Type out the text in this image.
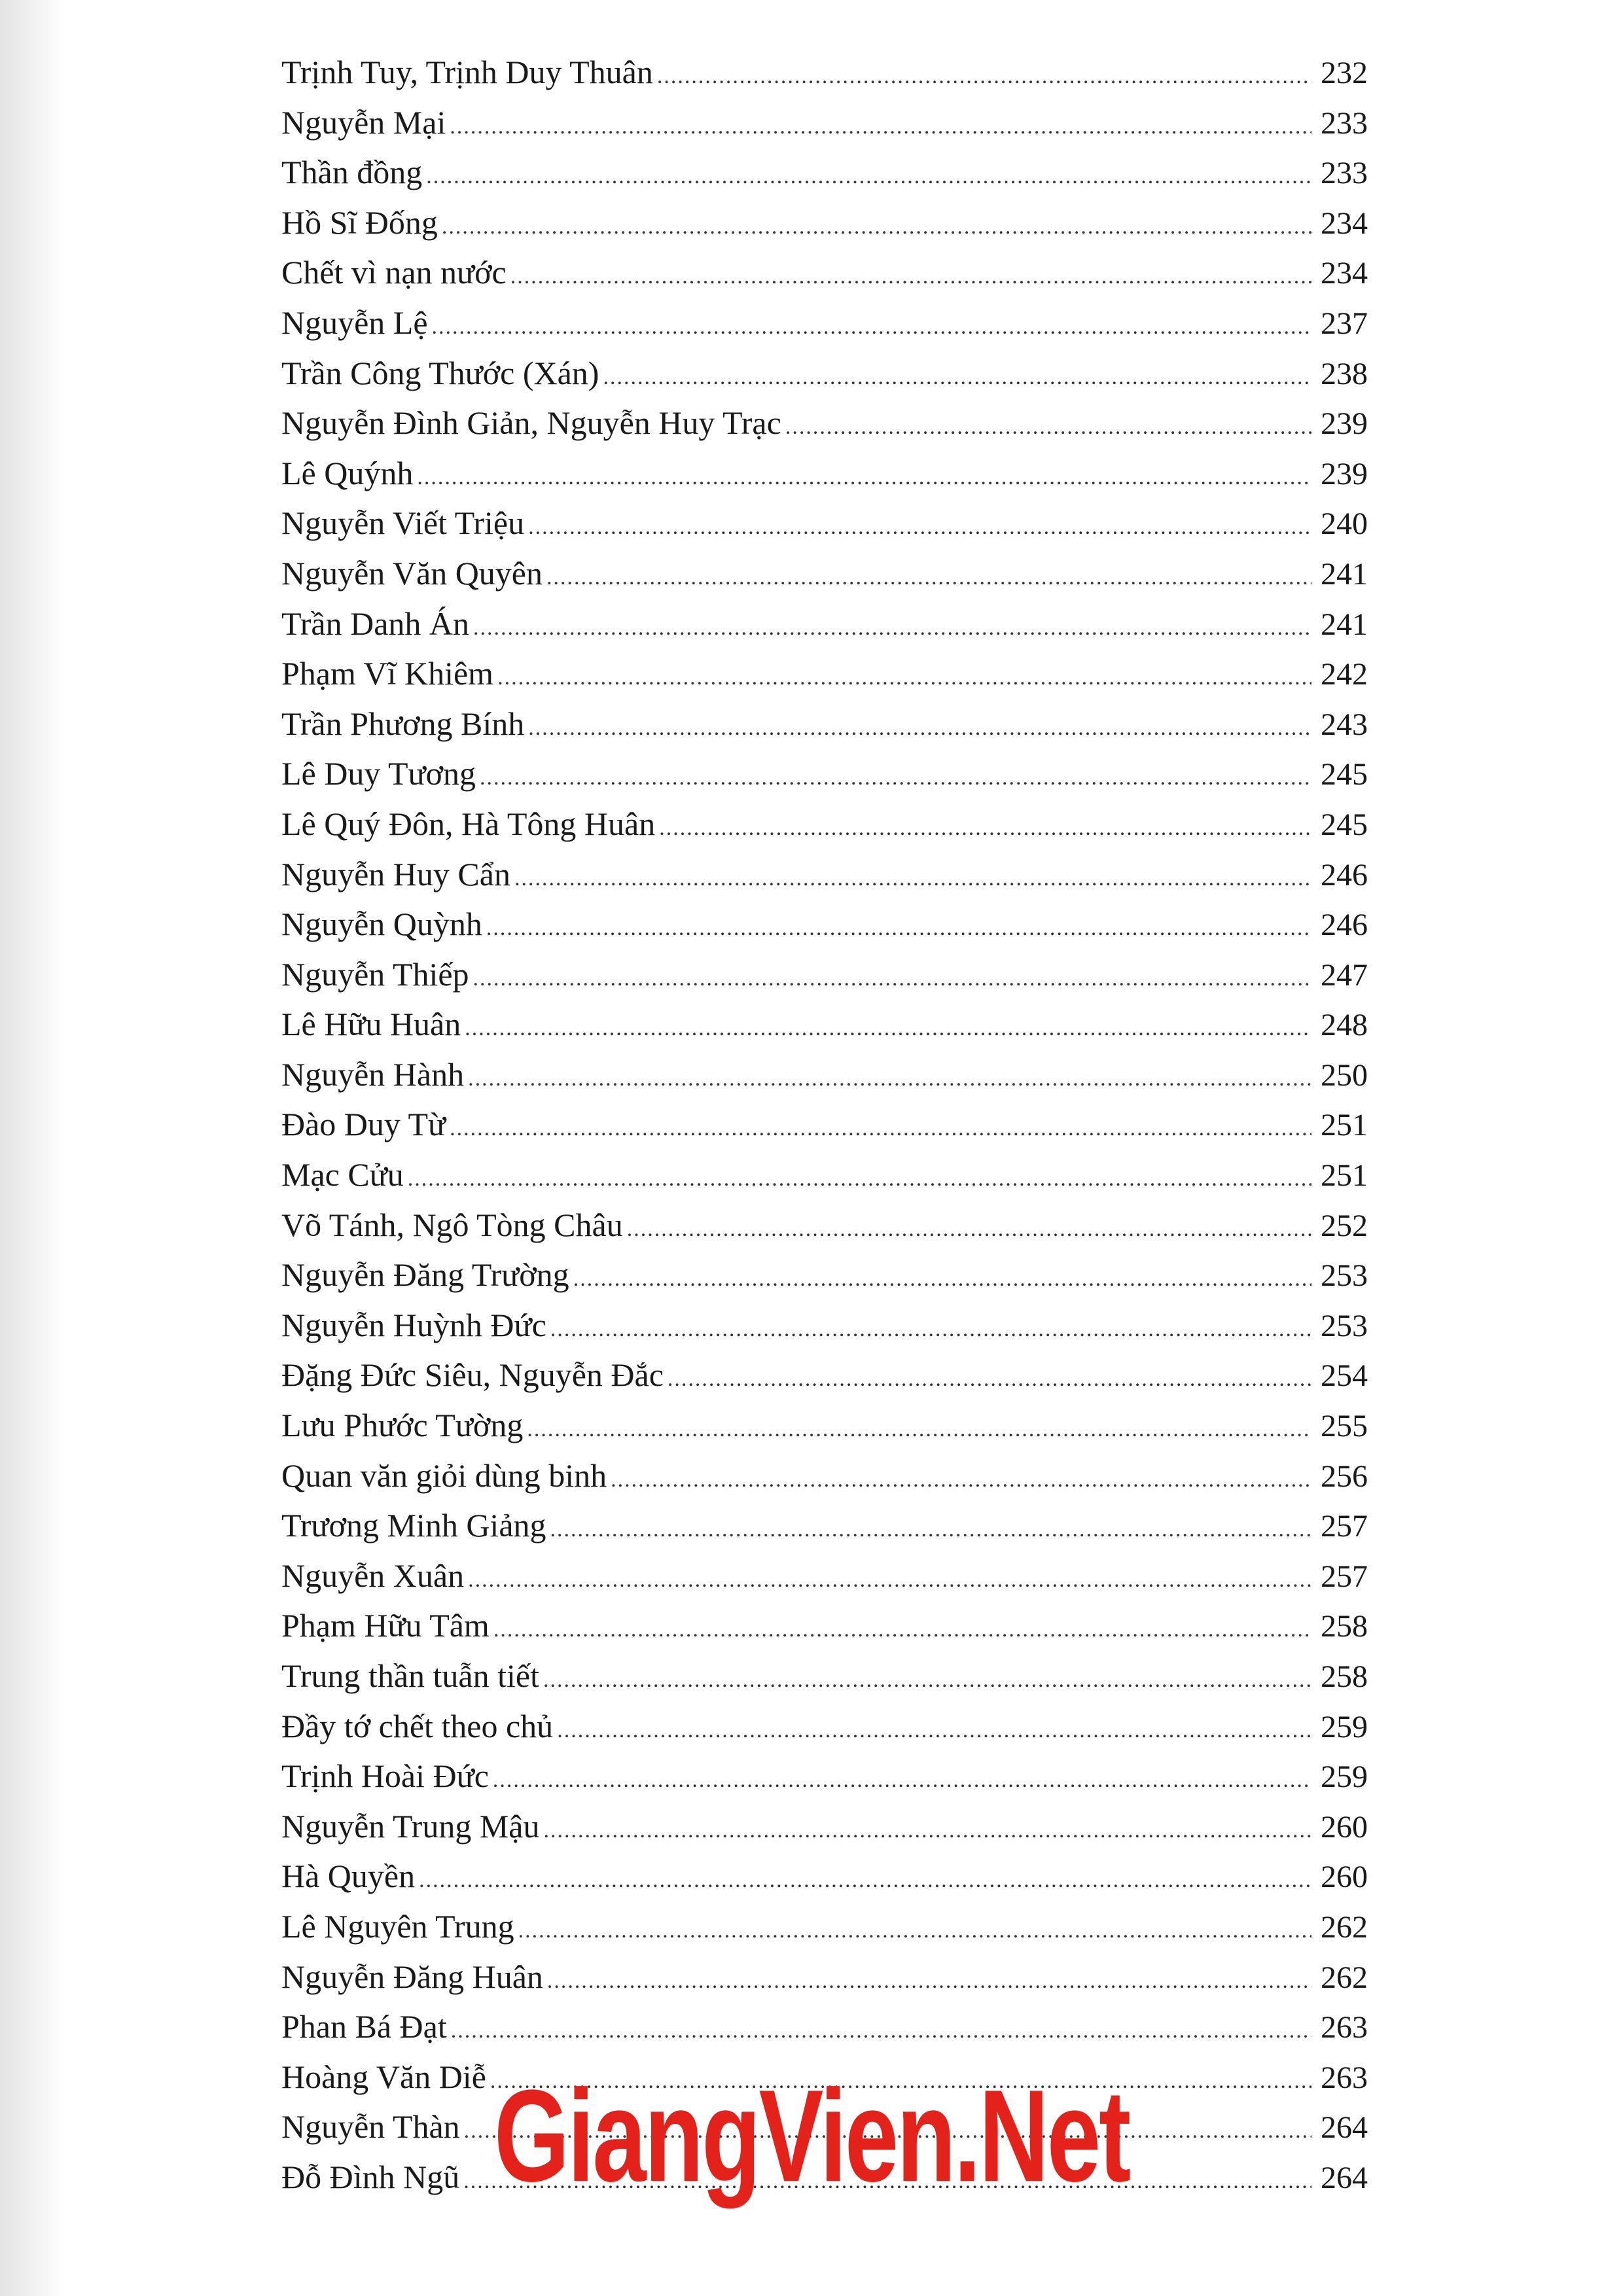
Trịnh Tuy, Trịnh Duy Thuân .....	232
Nguyễn Mại .....	233
Thần đồng .....	233
Hồ Sĩ Đống .....	234
Chết vì nạn nước .....	234
Nguyễn Lệ .....	237
Trần Công Thước (Xán) .....	238
Nguyễn Đình Giản, Nguyễn Huy Trạc .....	239
Lê Quýnh .....	239
Nguyễn Viết Triệu .....	240
Nguyễn Văn Quyên .....	241
Trần Danh Án .....	241
Phạm Vĩ Khiêm .....	242
Trần Phương Bính .....	243
Lê Duy Tương .....	245
Lê Quý Đôn, Hà Tông Huân .....	245
Nguyễn Huy Cẩn .....	246
Nguyễn Quỳnh .....	246
Nguyễn Thiếp .....	247
Lê Hữu Huân .....	248
Nguyễn Hành .....	250
Đào Duy Từ .....	251
Mạc Cửu .....	251
Võ Tánh, Ngô Tòng Châu .....	252
Nguyễn Đăng Trường .....	253
Nguyễn Huỳnh Đức .....	253
Đặng Đức Siêu, Nguyễn Đắc .....	254
Lưu Phước Tường .....	255
Quan văn giỏi dùng binh .....	256
Trương Minh Giảng .....	257
Nguyễn Xuân .....	257
Phạm Hữu Tâm .....	258
Trung thần tuẫn tiết .....	258
Đầy tớ chết theo chủ .....	259
Trịnh Hoài Đức .....	259
Nguyễn Trung Mậu .....	260
Hà Quyền .....	260
Lê Nguyên Trung .....	262
Nguyễn Đăng Huân .....	262
Phan Bá Đạt .....	263
Hoàng Văn Diễ .....	263
Nguyễn Thàn .....	264
Đỗ Đình Ngũ .....	264
GiangVien.Net
